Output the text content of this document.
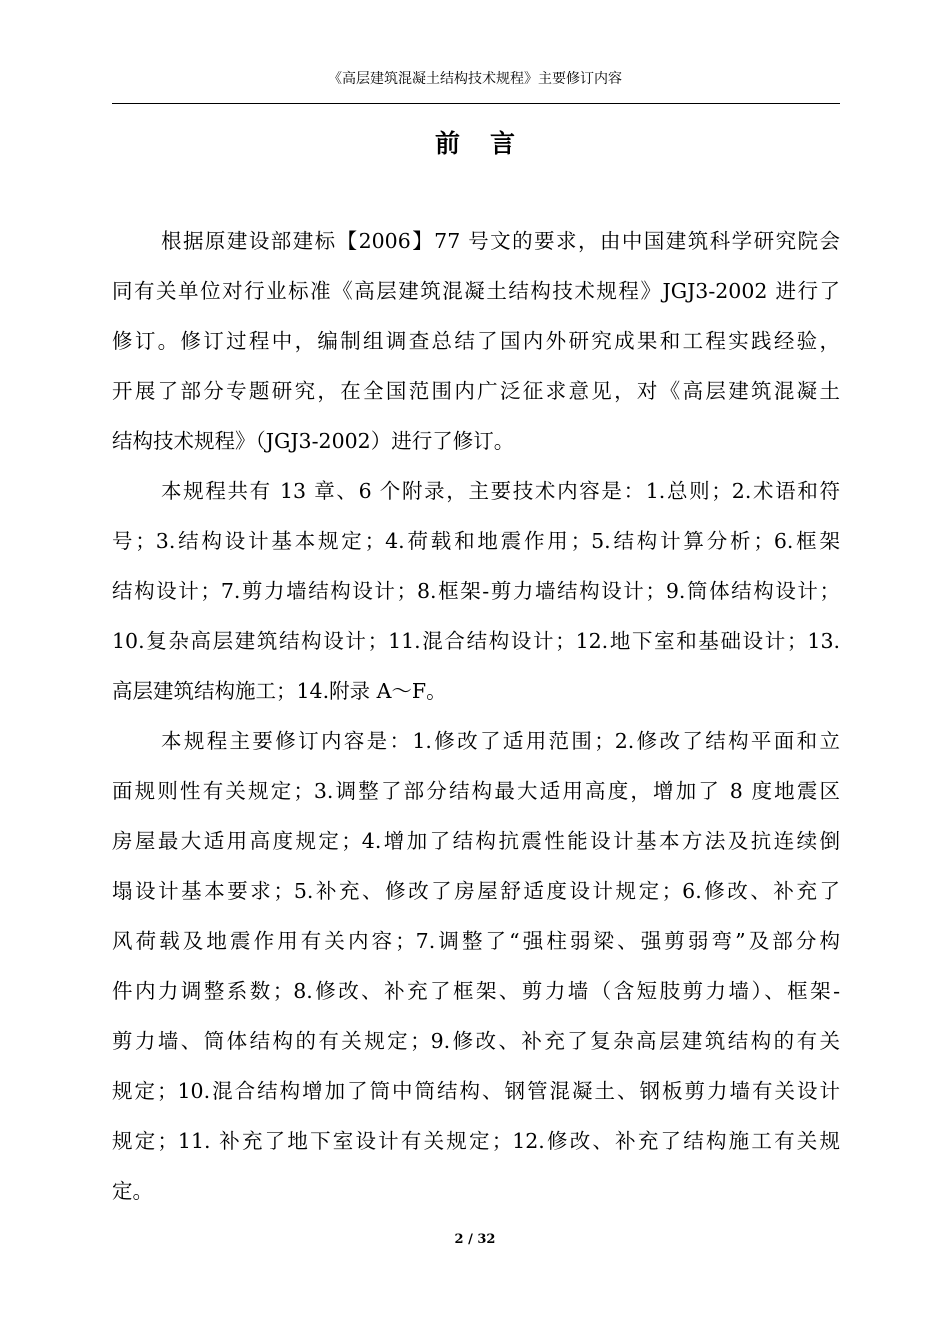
《高层建筑混凝土结构技术规程》主要修订内容
前言
根据原建设部建标【2006】77 号文的要求，由中国建筑科学研究院会
同有关单位对行业标准《高层建筑混凝土结构技术规程》JGJ3-2002 进行了
修订。修订过程中，编制组调查总结了国内外研究成果和工程实践经验，
开展了部分专题研究，在全国范围内广泛征求意见，对《高层建筑混凝土
结构技术规程》（JGJ3-2002）进行了修订。
本规程共有 13 章、6 个附录，主要技术内容是：1.总则；2.术语和符
号；3.结构设计基本规定；4.荷载和地震作用；5.结构计算分析；6.框架
结构设计；7.剪力墙结构设计；8.框架-剪力墙结构设计；9.筒体结构设计；
10.复杂高层建筑结构设计；11.混合结构设计；12.地下室和基础设计；13.
高层建筑结构施工；14.附录 A～F。
本规程主要修订内容是：1.修改了适用范围；2.修改了结构平面和立
面规则性有关规定；3.调整了部分结构最大适用高度，增加了 8 度地震区
房屋最大适用高度规定；4.增加了结构抗震性能设计基本方法及抗连续倒
塌设计基本要求；5.补充、修改了房屋舒适度设计规定；6.修改、补充了
风荷载及地震作用有关内容；7.调整了“强柱弱梁、强剪弱弯”及部分构
件内力调整系数；8.修改、补充了框架、剪力墙（含短肢剪力墙）、框架-
剪力墙、筒体结构的有关规定；9.修改、补充了复杂高层建筑结构的有关
规定；10.混合结构增加了筒中筒结构、钢管混凝土、钢板剪力墙有关设计
规定；11. 补充了地下室设计有关规定；12.修改、补充了结构施工有关规
定。
2 / 32
